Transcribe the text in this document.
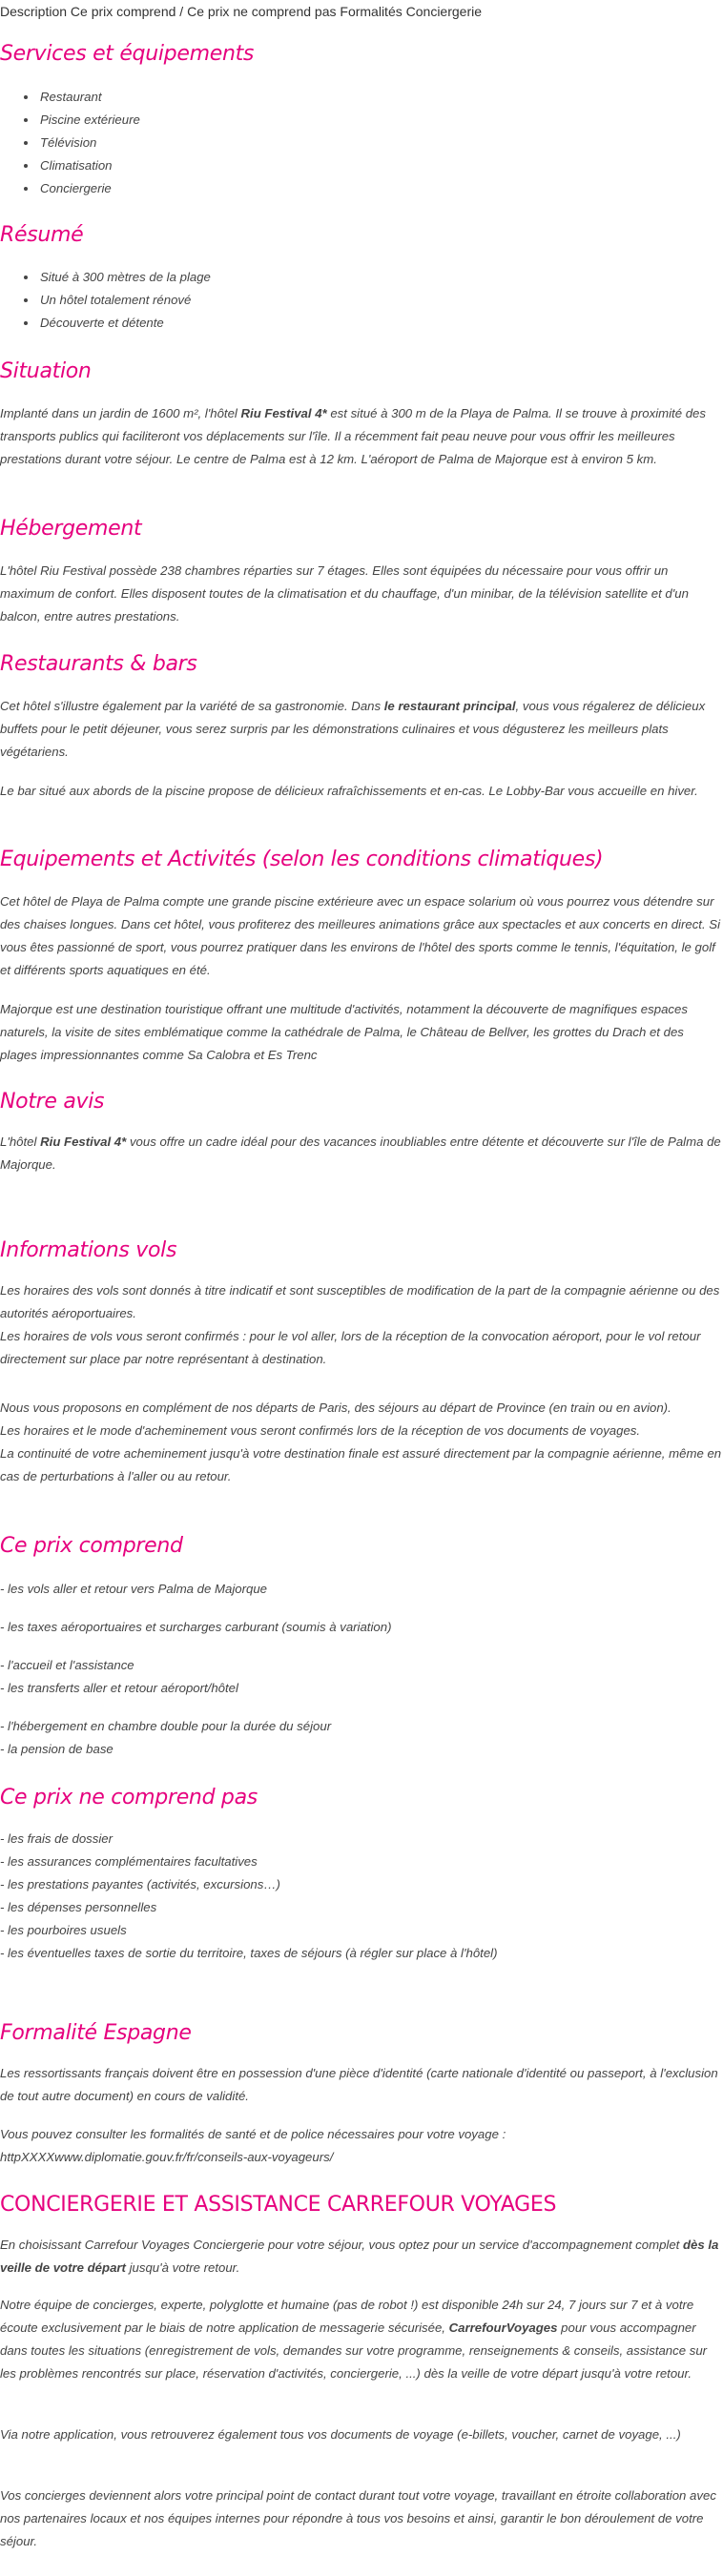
Description Ce prix comprend / Ce prix ne comprend pas Formalités Conciergerie
Services et équipements
• Restaurant
• Piscine extérieure
• Télévision
• Climatisation
• Conciergerie
Résumé
• Situé à 300 mètres de la plage
• Un hôtel totalement rénové
• Découverte et détente
Situation

Implanté dans un jardin de 1600 m², l'hôtel Riu Festival 4* est situé à 300 m de la Playa de Palma. Il se trouve à proximité des transports publics qui faciliteront vos déplacements sur l'île. Il a récemment fait peau neuve pour vous offrir les meilleures prestations durant votre séjour. Le centre de Palma est à 12 km. L'aéroport de Palma de Majorque est à environ 5 km.

Hébergement

L'hôtel Riu Festival possède 238 chambres réparties sur 7 étages. Elles sont équipées du nécessaire pour vous offrir un maximum de confort. Elles disposent toutes de la climatisation et du chauffage, d'un minibar, de la télévision satellite et d'un balcon, entre autres prestations.

Restaurants & bars

Cet hôtel s'illustre également par la variété de sa gastronomie. Dans le restaurant principal, vous vous régalerez de délicieux buffets pour le petit déjeuner, vous serez surpris par les démonstrations culinaires et vous dégusterez les meilleurs plats végétariens.

Le bar situé aux abords de la piscine propose de délicieux rafraîchissements et en-cas. Le Lobby-Bar vous accueille en hiver.

Equipements et Activités (selon les conditions climatiques)

Cet hôtel de Playa de Palma compte une grande piscine extérieure avec un espace solarium où vous pourrez vous détendre sur des chaises longues. Dans cet hôtel, vous profiterez des meilleures animations grâce aux spectacles et aux concerts en direct. Si vous êtes passionné de sport, vous pourrez pratiquer dans les environs de l'hôtel des sports comme le tennis, l'équitation, le golf et différents sports aquatiques en été.

Majorque est une destination touristique offrant une multitude d'activités, notamment la découverte de magnifiques espaces naturels, la visite de sites emblématique comme la cathédrale de Palma, le Château de Bellver, les grottes du Drach et des plages impressionnantes comme Sa Calobra et Es Trenc

Notre avis

L'hôtel Riu Festival 4* vous offre un cadre idéal pour des vacances inoubliables entre détente et découverte sur l'île de Palma de Majorque.

Informations vols

Les horaires des vols sont donnés à titre indicatif et sont susceptibles de modification de la part de la compagnie aérienne ou des autorités aéroportuaires.

Les horaires de vols vous seront confirmés : pour le vol aller, lors de la réception de la convocation aéroport, pour le vol retour directement sur place par notre représentant à destination.

Nous vous proposons en complément de nos départs de Paris, des séjours au départ de Province (en train ou en avion).

Les horaires et le mode d'acheminement vous seront confirmés lors de la réception de vos documents de voyages.

La continuité de votre acheminement jusqu'à votre destination finale est assuré directement par la compagnie aérienne, même en cas de perturbations à l'aller ou au retour.

Ce prix comprend

- les vols aller et retour vers Palma de Majorque

- les taxes aéroportuaires et surcharges carburant (soumis à variation)

- l'accueil et l'assistance

- les transferts aller et retour aéroport/hôtel

- l'hébergement en chambre double pour la durée du séjour

- la pension de base

Ce prix ne comprend pas

- les frais de dossier

- les assurances complémentaires facultatives

- les prestations payantes (activités, excursions…)

- les dépenses personnelles

- les pourboires usuels

- les éventuelles taxes de sortie du territoire, taxes de séjours (à régler sur place à l'hôtel)

Formalité Espagne

Les ressortissants français doivent être en possession d'une pièce d'identité (carte nationale d'identité ou passeport, à l'exclusion de tout autre document) en cours de validité.

Vous pouvez consulter les formalités de santé et de police nécessaires pour votre voyage :

httpXXXXwww.diplomatie.gouv.fr/fr/conseils-aux-voyageurs/

CONCIERGERIE ET ASSISTANCE CARREFOUR VOYAGES

En choisissant Carrefour Voyages Conciergerie pour votre séjour, vous optez pour un service d'accompagnement complet dès la veille de votre départ jusqu'à votre retour.

Notre équipe de concierges, experte, polyglotte et humaine (pas de robot !) est disponible 24h sur 24, 7 jours sur 7 et à votre écoute exclusivement par le biais de notre application de messagerie sécurisée, CarrefourVoyages pour vous accompagner dans toutes les situations (enregistrement de vols, demandes sur votre programme, renseignements & conseils, assistance sur les problèmes rencontrés sur place, réservation d'activités, conciergerie, ...) dès la veille de votre départ jusqu'à votre retour.

Via notre application, vous retrouverez également tous vos documents de voyage (e-billets, voucher, carnet de voyage, ...)

Vos concierges deviennent alors votre principal point de contact durant tout votre voyage, travaillant en étroite collaboration avec nos partenaires locaux et nos équipes internes pour répondre à tous vos besoins et ainsi, garantir le bon déroulement de votre séjour.
